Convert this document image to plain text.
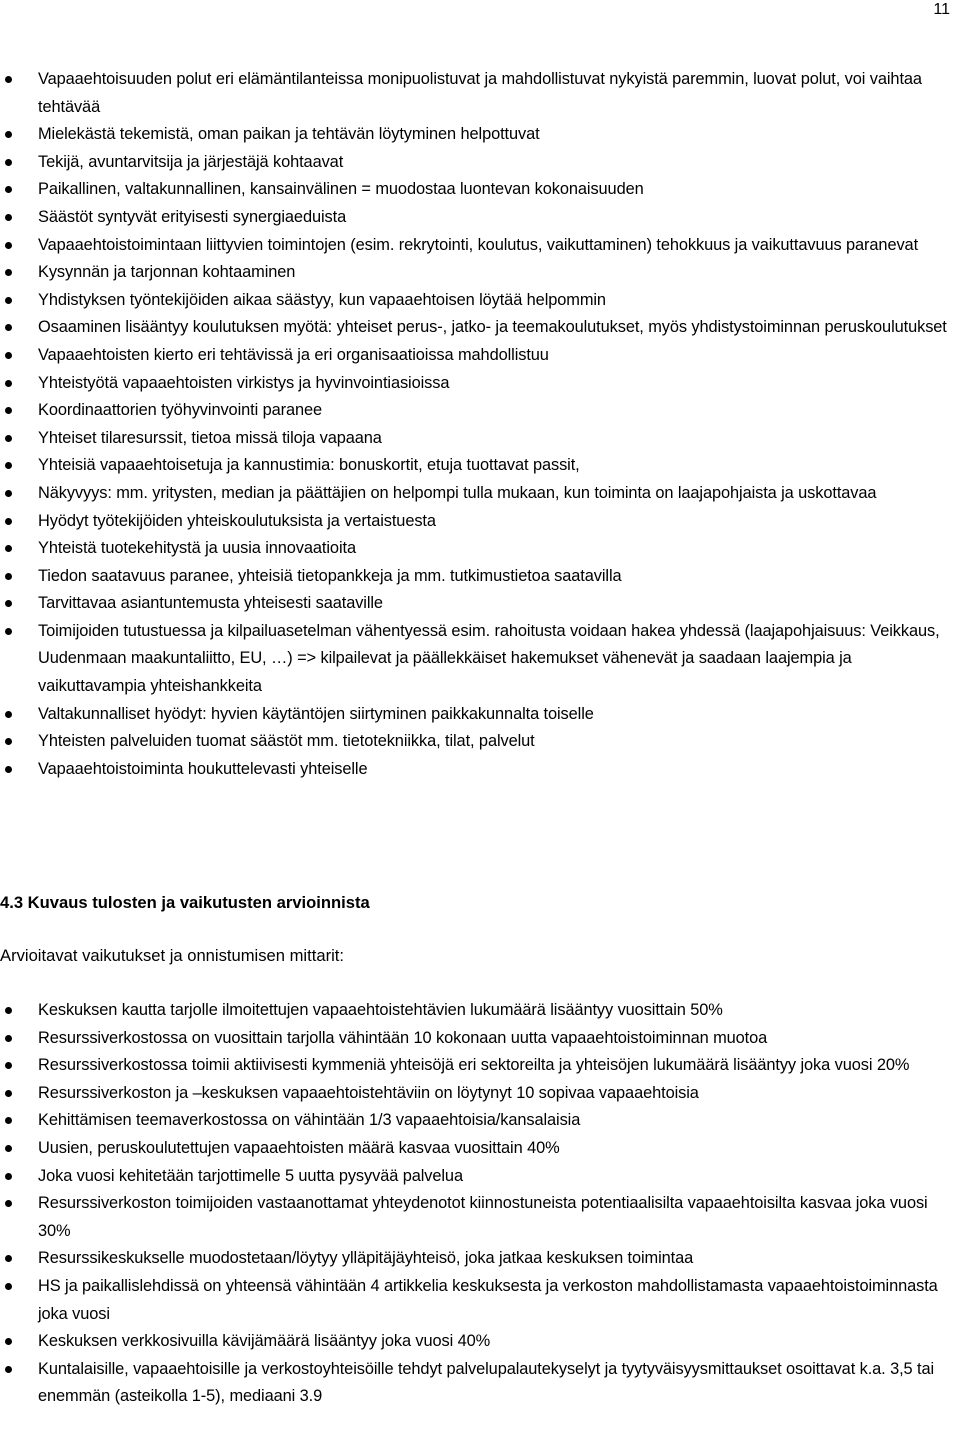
11
Vapaaehtoisuuden polut eri elämäntilanteissa monipuolistuvat ja mahdollistuvat nykyistä paremmin, luovat polut, voi vaihtaa tehtävää
Mielekästä tekemistä, oman paikan ja tehtävän löytyminen helpottuvat
Tekijä, avuntarvitsija ja järjestäjä kohtaavat
Paikallinen, valtakunnallinen, kansainvälinen = muodostaa luontevan kokonaisuuden
Säästöt syntyvät erityisesti synergiaeduista
Vapaaehtoistoimintaan liittyvien toimintojen (esim. rekrytointi, koulutus, vaikuttaminen) tehokkuus ja vaikuttavuus paranevat
Kysynnän ja tarjonnan kohtaaminen
Yhdistyksen työntekijöiden aikaa säästyy, kun vapaaehtoisen löytää helpommin
Osaaminen lisääntyy koulutuksen myötä: yhteiset perus-, jatko- ja teemakoulutukset, myös yhdistystoiminnan peruskoulutukset
Vapaaehtoisten kierto eri tehtävissä ja eri organisaatioissa mahdollistuu
Yhteistyötä vapaaehtoisten virkistys ja hyvinvointiasioissa
Koordinaattorien työhyvinvointi paranee
Yhteiset tilaresurssit, tietoa missä tiloja vapaana
Yhteisiä vapaaehtoisetuja ja kannustimia: bonuskortit, etuja tuottavat passit,
Näkyvyys: mm. yritysten, median ja päättäjien on helpompi tulla mukaan, kun toiminta on laajapohjaista ja uskottavaa
Hyödyt työtekijöiden yhteiskoulutuksista ja vertaistuesta
Yhteistä tuotekehitystä ja uusia innovaatioita
Tiedon saatavuus paranee, yhteisiä tietopankkeja ja mm. tutkimustietoa saatavilla
Tarvittavaa asiantuntemusta yhteisesti saataville
Toimijoiden tutustuessa ja kilpailuasetelman vähentyessä esim. rahoitusta voidaan hakea yhdessä (laajapohjaisuus: Veikkaus, Uudenmaan maakuntaliitto, EU, …) => kilpailevat ja päällekkäiset hakemukset vähenevät ja saadaan laajempia ja vaikuttavampia yhteishankkeita
Valtakunnalliset hyödyt: hyvien käytäntöjen siirtyminen paikkakunnalta toiselle
Yhteisten palveluiden tuomat säästöt mm. tietotekniikka, tilat, palvelut
Vapaaehtoistoiminta houkuttelevasti yhteiselle
4.3 Kuvaus tulosten ja vaikutusten arvioinnista
Arvioitavat vaikutukset ja onnistumisen mittarit:
Keskuksen kautta tarjolle ilmoitettujen vapaaehtoistehtävien lukumäärä lisääntyy vuosittain 50%
Resurssiverkostossa on vuosittain tarjolla vähintään 10 kokonaan uutta vapaaehtoistoiminnan muotoa
Resurssiverkostossa toimii aktiivisesti kymmeniä yhteisöjä eri sektoreilta ja yhteisöjen lukumäärä lisääntyy joka vuosi 20%
Resurssiverkoston ja –keskuksen vapaaehtoistehtäviin on löytynyt 10 sopivaa vapaaehtoisia
Kehittämisen teemaverkostossa on vähintään 1/3 vapaaehtoisia/kansalaisia
Uusien, peruskoulutettujen vapaaehtoisten määrä kasvaa vuosittain 40%
Joka vuosi kehitetään tarjottimelle 5 uutta pysyvää palvelua
Resurssiverkoston toimijoiden vastaanottamat yhteydenotot kiinnostuneista potentiaalisilta vapaaehtoisilta kasvaa joka vuosi 30%
Resurssikeskukselle muodostetaan/löytyy ylläpitäjäyhteisö, joka jatkaa keskuksen toimintaa
HS ja paikallislehdissä on yhteensä vähintään 4 artikkelia keskuksesta ja verkoston mahdollistamasta vapaaehtoistoiminnasta joka vuosi
Keskuksen verkkosivuilla kävijämäärä lisääntyy joka vuosi 40%
Kuntalaisille, vapaaehtoisille ja verkostoyhteisöille tehdyt palvelupalautekyselyt ja tyytyväisyysmittaukset osoittavat k.a. 3,5 tai enemmän (asteikolla 1-5), mediaani 3.9
